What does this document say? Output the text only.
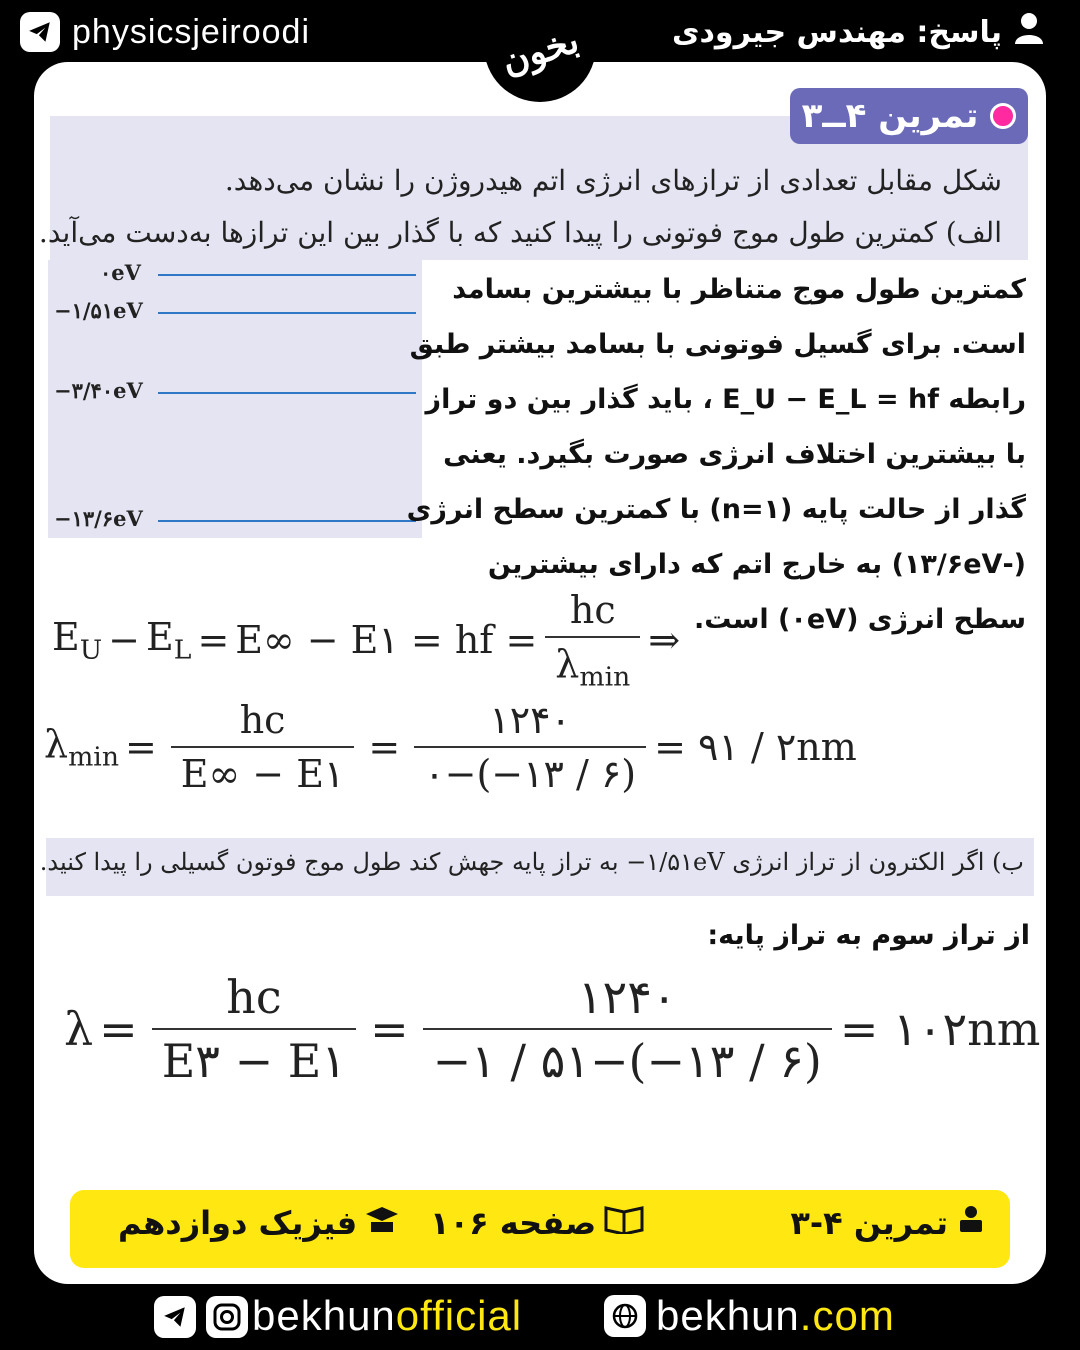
physicsjeiroodi	پاسخ: مهندس جیرودی
بخون
شکل مقابل تعدادی از ترازهای انرژی اتم هیدروژن را نشان می‌دهد.
الف) کمترین طول موج فوتونی را پیدا کنید که با گذار بین این ترازها به‌دست می‌آید.
تمرین ۴ــ۳
۰eV
−۱/۵۱eV
−۳/۴۰eV
−۱۳/۶eV
کمترین طول موج متناظر با بیشترین بسامد
است. برای گسیل فوتونی با بسامد بیشتر طبق
رابطه ‎E_U − E_L = hf‎ ، باید گذار بین دو تراز
با بیشترین اختلاف انرژی صورت بگیرد. یعنی
گذار از حالت پایه (n=۱) با کمترین سطح انرژی
(-۱۳/۶eV) به خارج اتم که دارای بیشترین
سطح انرژی (۰eV) است.
$E_U - E_L = E\infty$ − E۱ = hf = $\frac{hc}{\lambda_{min}}$ ⇒
$\lambda_{min} = \frac{hc}{E\infty - E۱} = \frac{۱۲۴۰}{۰-(-۱۳ / ۶)}$ = ۹۱ / ۲nm
ب) اگر الکترون از تراز انرژی ‎−۱/۵۱eV‎ به تراز پایه جهش کند طول موج فوتون گسیلی را پیدا کنید.
از تراز سوم به تراز پایه:
$\lambda = \frac{hc}{E۳ - E۱} = \frac{۱۲۴۰}{-۱ / ۵۱-(-۱۳ / ۶)}$ = ۱۰۲nm
تمرین ۴-۳
صفحه ۱۰۶
فیزیک دوازدهم
bekhunofficial	bekhun.com
